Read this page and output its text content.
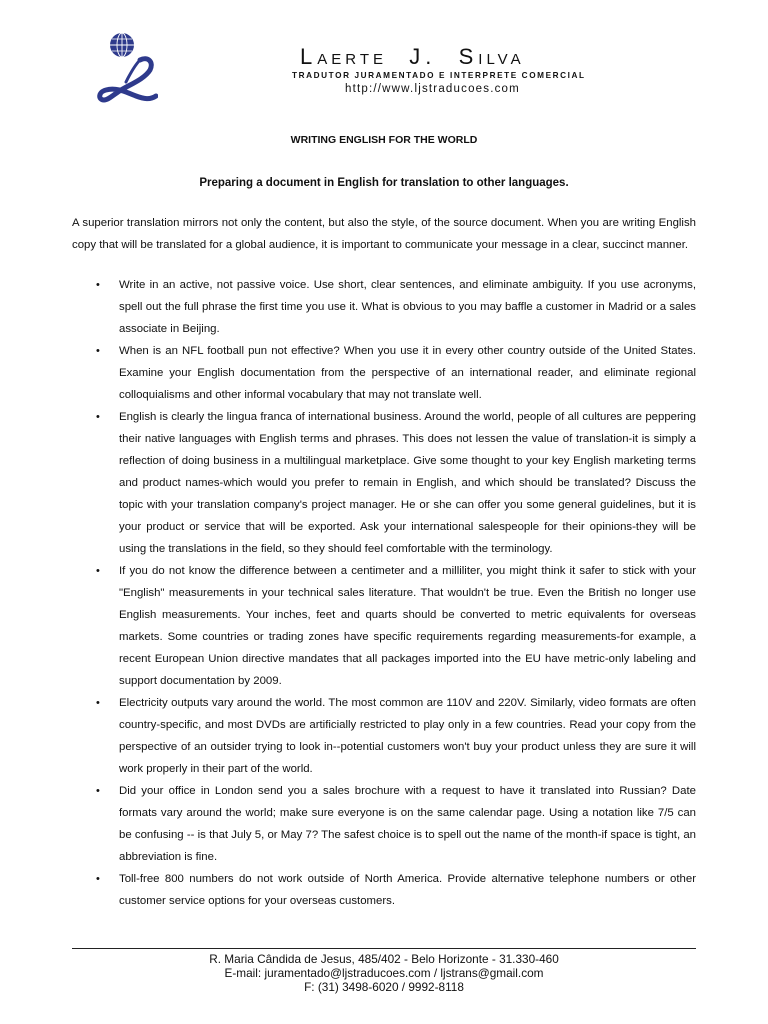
LAERTE J. SILVA
TRADUTOR JURAMENTADO E INTERPRETE COMERCIAL
http://www.ljstraducoes.com
WRITING ENGLISH FOR THE WORLD
Preparing a document in English for translation to other languages.
A superior translation mirrors not only the content, but also the style, of the source document. When you are writing English copy that will be translated for a global audience, it is important to communicate your message in a clear, succinct manner.
• Write in an active, not passive voice. Use short, clear sentences, and eliminate ambiguity. If you use acronyms, spell out the full phrase the first time you use it. What is obvious to you may baffle a customer in Madrid or a sales associate in Beijing.
• When is an NFL football pun not effective? When you use it in every other country outside of the United States. Examine your English documentation from the perspective of an international reader, and eliminate regional colloquialisms and other informal vocabulary that may not translate well.
• English is clearly the lingua franca of international business. Around the world, people of all cultures are peppering their native languages with English terms and phrases. This does not lessen the value of translation-it is simply a reflection of doing business in a multilingual marketplace. Give some thought to your key English marketing terms and product names-which would you prefer to remain in English, and which should be translated? Discuss the topic with your translation company's project manager. He or she can offer you some general guidelines, but it is your product or service that will be exported. Ask your international salespeople for their opinions-they will be using the translations in the field, so they should feel comfortable with the terminology.
• If you do not know the difference between a centimeter and a milliliter, you might think it safer to stick with your "English" measurements in your technical sales literature. That wouldn't be true. Even the British no longer use English measurements. Your inches, feet and quarts should be converted to metric equivalents for overseas markets. Some countries or trading zones have specific requirements regarding measurements-for example, a recent European Union directive mandates that all packages imported into the EU have metric-only labeling and support documentation by 2009.
• Electricity outputs vary around the world. The most common are 110V and 220V. Similarly, video formats are often country-specific, and most DVDs are artificially restricted to play only in a few countries. Read your copy from the perspective of an outsider trying to look in--potential customers won't buy your product unless they are sure it will work properly in their part of the world.
• Did your office in London send you a sales brochure with a request to have it translated into Russian? Date formats vary around the world; make sure everyone is on the same calendar page. Using a notation like 7/5 can be confusing -- is that July 5, or May 7? The safest choice is to spell out the name of the month-if space is tight, an abbreviation is fine.
• Toll-free 800 numbers do not work outside of North America. Provide alternative telephone numbers or other customer service options for your overseas customers.
R. Maria Cândida de Jesus, 485/402 - Belo Horizonte - 31.330-460
E-mail: juramentado@ljstraducoes.com / ljstrans@gmail.com
F: (31) 3498-6020 / 9992-8118
